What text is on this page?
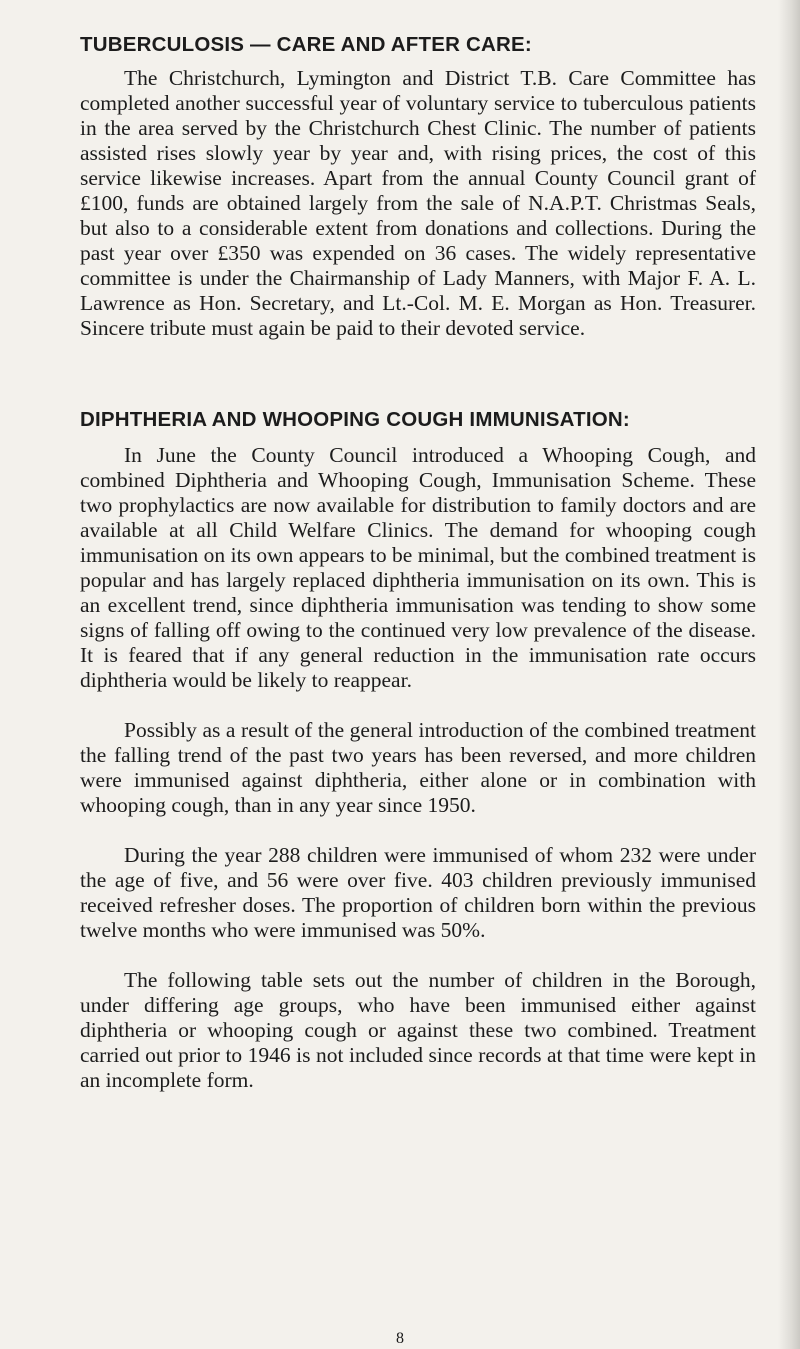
TUBERCULOSIS — CARE AND AFTER CARE:

The Christchurch, Lymington and District T.B. Care Committee has completed another successful year of voluntary service to tuberculous patients in the area served by the Christchurch Chest Clinic. The number of patients assisted rises slowly year by year and, with rising prices, the cost of this service likewise increases. Apart from the annual County Council grant of £100, funds are obtained largely from the sale of N.A.P.T. Christmas Seals, but also to a considerable extent from donations and collections. During the past year over £350 was expended on 36 cases. The widely representative committee is under the Chairmanship of Lady Manners, with Major F. A. L. Lawrence as Hon. Secretary, and Lt.-Col. M. E. Morgan as Hon. Treasurer. Sincere tribute must again be paid to their devoted service.

DIPHTHERIA AND WHOOPING COUGH IMMUNISATION:

In June the County Council introduced a Whooping Cough, and combined Diphtheria and Whooping Cough, Immunisation Scheme. These two prophylactics are now available for distribution to family doctors and are available at all Child Welfare Clinics. The demand for whooping cough immunisation on its own appears to be minimal, but the combined treatment is popular and has largely replaced diphtheria immunisation on its own. This is an excellent trend, since diphtheria immunisation was tending to show some signs of falling off owing to the continued very low prevalence of the disease. It is feared that if any general reduction in the immunisation rate occurs diphtheria would be likely to reappear.

Possibly as a result of the general introduction of the combined treatment the falling trend of the past two years has been reversed, and more children were immunised against diphtheria, either alone or in combination with whooping cough, than in any year since 1950.

During the year 288 children were immunised of whom 232 were under the age of five, and 56 were over five. 403 children previously immunised received refresher doses. The proportion of children born within the previous twelve months who were immunised was 50%.

The following table sets out the number of children in the Borough, under differing age groups, who have been immunised either against diphtheria or whooping cough or against these two combined. Treatment carried out prior to 1946 is not included since records at that time were kept in an incomplete form.

8
